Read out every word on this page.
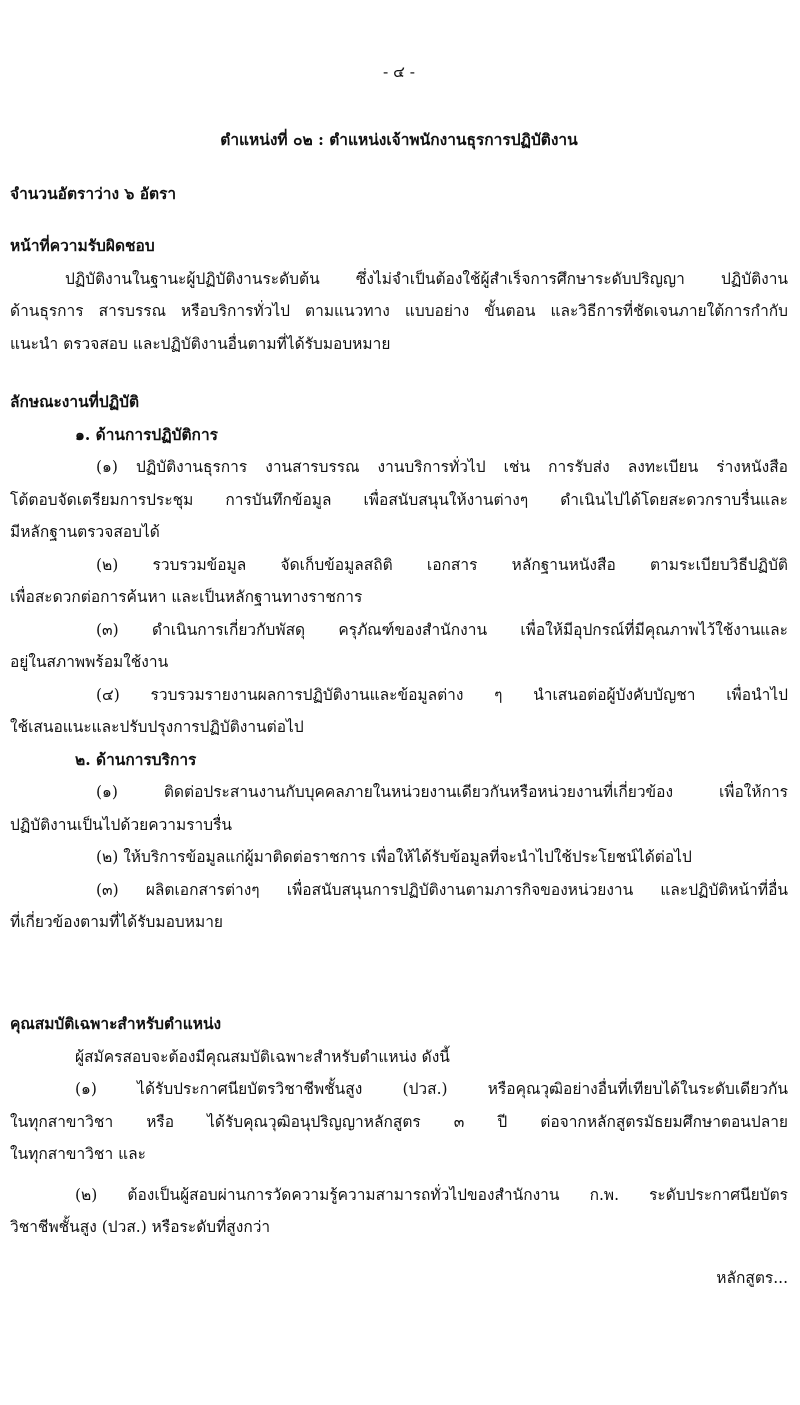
- ๔ -
ตำแหน่งที่ ๐๒ : ตำแหน่งเจ้าพนักงานธุรการปฏิบัติงาน
จำนวนอัตราว่าง ๖ อัตรา
หน้าที่ความรับผิดชอบ
ปฏิบัติงานในฐานะผู้ปฏิบัติงานระดับต้น ซึ่งไม่จำเป็นต้องใช้ผู้สำเร็จการศึกษาระดับปริญญา ปฏิบัติงาน
ด้านธุรการ สารบรรณ หรือบริการทั่วไป ตามแนวทาง แบบอย่าง ขั้นตอน และวิธีการที่ชัดเจนภายใต้การกำกับ
แนะนำ ตรวจสอบ และปฏิบัติงานอื่นตามที่ได้รับมอบหมาย
ลักษณะงานที่ปฏิบัติ
๑. ด้านการปฏิบัติการ
(๑) ปฏิบัติงานธุรการ งานสารบรรณ งานบริการทั่วไป เช่น การรับส่ง ลงทะเบียน ร่างหนังสือ
โต้ตอบจัดเตรียมการประชุม การบันทึกข้อมูล เพื่อสนับสนุนให้งานต่างๆ ดำเนินไปได้โดยสะดวกราบรื่นและ
มีหลักฐานตรวจสอบได้
(๒) รวบรวมข้อมูล จัดเก็บข้อมูลสถิติ เอกสาร หลักฐานหนังสือ ตามระเบียบวิธีปฏิบัติ
เพื่อสะดวกต่อการค้นหา และเป็นหลักฐานทางราชการ
(๓) ดำเนินการเกี่ยวกับพัสดุ ครุภัณฑ์ของสำนักงาน เพื่อให้มีอุปกรณ์ที่มีคุณภาพไว้ใช้งานและ
อยู่ในสภาพพร้อมใช้งาน
(๔) รวบรวมรายงานผลการปฏิบัติงานและข้อมูลต่าง ๆ นำเสนอต่อผู้บังคับบัญชา เพื่อนำไป
ใช้เสนอแนะและปรับปรุงการปฏิบัติงานต่อไป
๒. ด้านการบริการ
(๑) ติดต่อประสานงานกับบุคคลภายในหน่วยงานเดียวกันหรือหน่วยงานที่เกี่ยวข้อง เพื่อให้การ
ปฏิบัติงานเป็นไปด้วยความราบรื่น
(๒) ให้บริการข้อมูลแก่ผู้มาติดต่อราชการ เพื่อให้ได้รับข้อมูลที่จะนำไปใช้ประโยชน์ได้ต่อไป
(๓) ผลิตเอกสารต่างๆ เพื่อสนับสนุนการปฏิบัติงานตามภารกิจของหน่วยงาน และปฏิบัติหน้าที่อื่น
ที่เกี่ยวข้องตามที่ได้รับมอบหมาย
คุณสมบัติเฉพาะสำหรับตำแหน่ง
ผู้สมัครสอบจะต้องมีคุณสมบัติเฉพาะสำหรับตำแหน่ง ดังนี้
(๑) ได้รับประกาศนียบัตรวิชาชีพชั้นสูง (ปวส.) หรือคุณวุฒิอย่างอื่นที่เทียบได้ในระดับเดียวกัน
ในทุกสาขาวิชา หรือ ได้รับคุณวุฒิอนุปริญญาหลักสูตร ๓ ปี ต่อจากหลักสูตรมัธยมศึกษาตอนปลาย
ในทุกสาขาวิชา และ
(๒) ต้องเป็นผู้สอบผ่านการวัดความรู้ความสามารถทั่วไปของสำนักงาน ก.พ. ระดับประกาศนียบัตร
วิชาชีพชั้นสูง (ปวส.) หรือระดับที่สูงกว่า
หลักสูตร...
